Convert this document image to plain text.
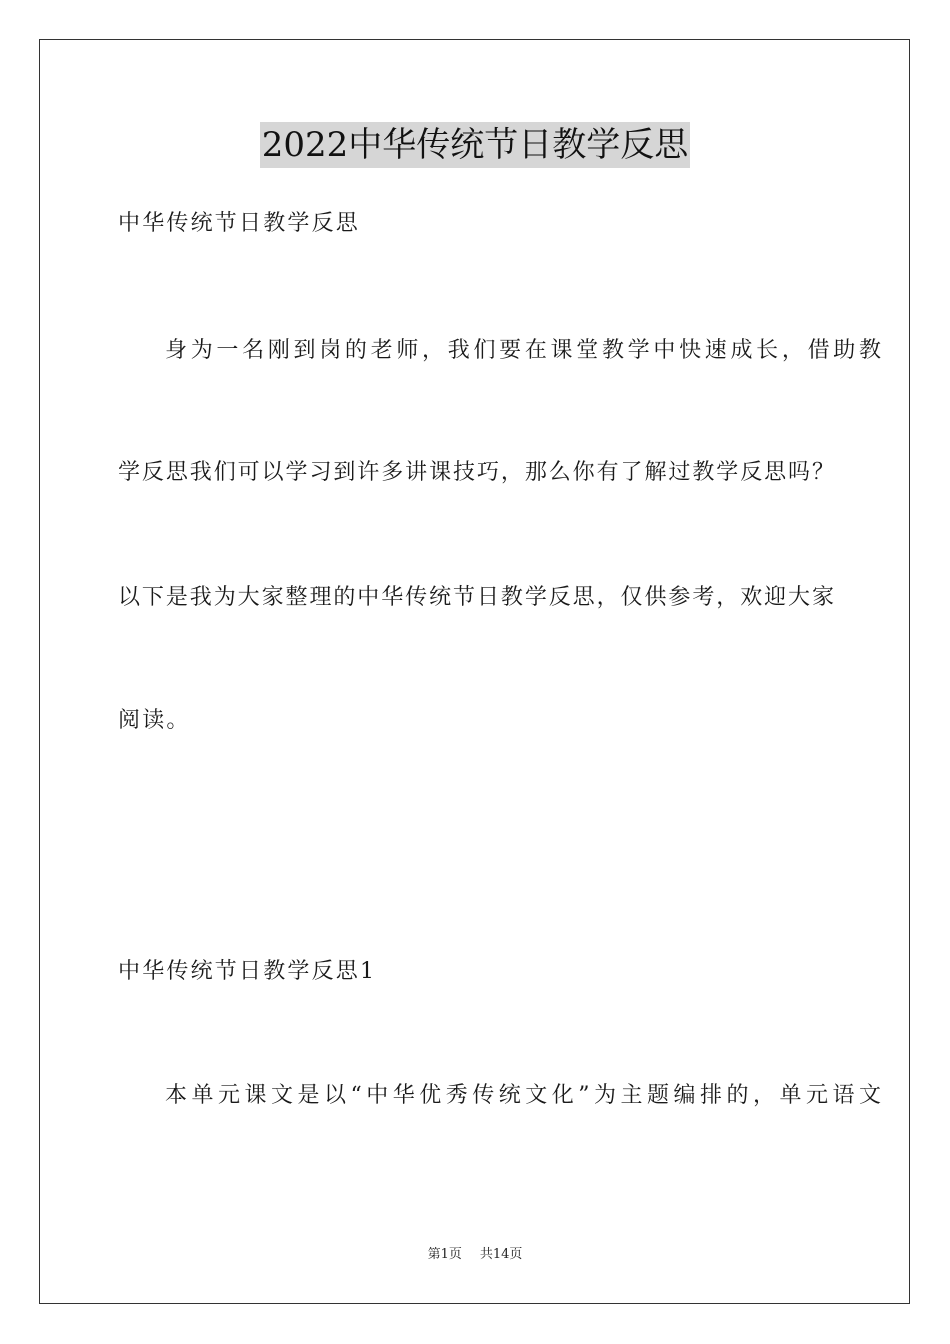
2022中华传统节日教学反思
中华传统节日教学反思
身为一名刚到岗的老师，我们要在课堂教学中快速成长，借助教
学反思我们可以学习到许多讲课技巧，那么你有了解过教学反思吗？
以下是我为大家整理的中华传统节日教学反思，仅供参考，欢迎大家
阅读。
中华传统节日教学反思1
本单元课文是以“中华优秀传统文化”为主题编排的，单元语文
第1页 共14页
